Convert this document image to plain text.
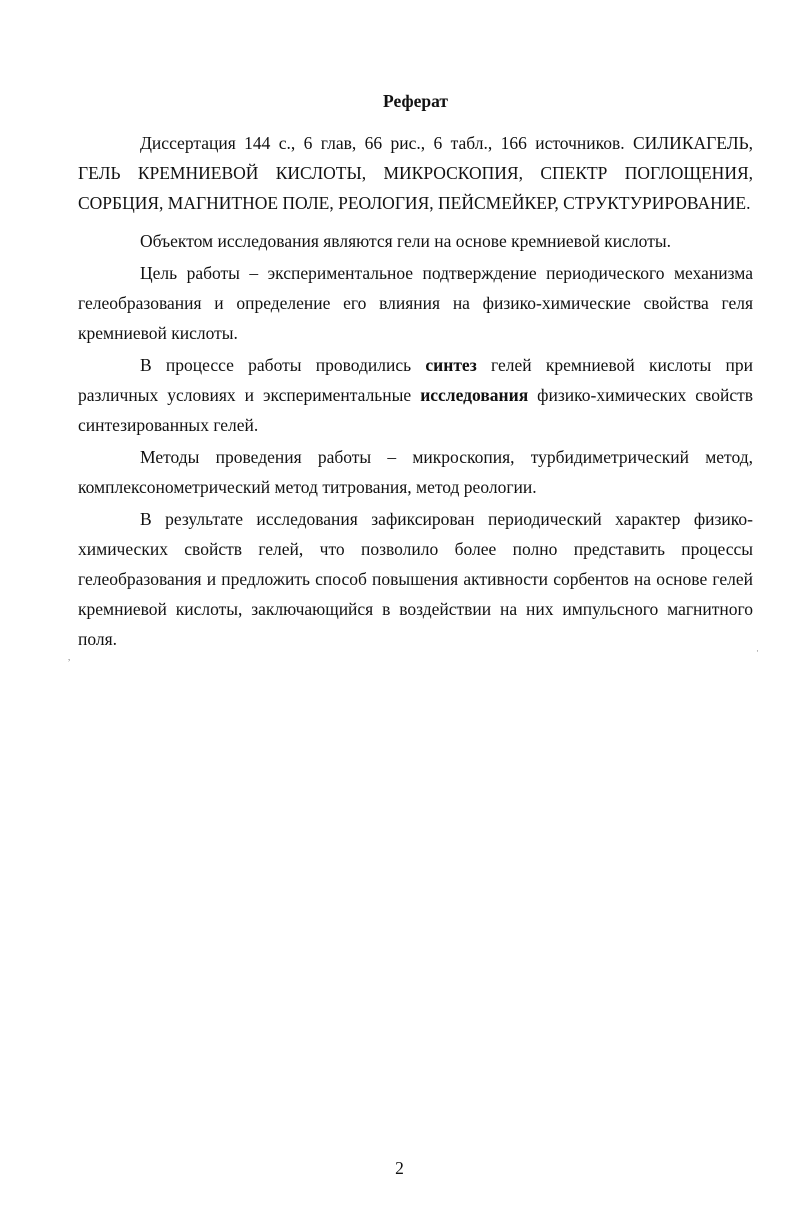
Реферат

Диссертация 144 с., 6 глав, 66 рис., 6 табл., 166 источников. СИЛИКАГЕЛЬ, ГЕЛЬ КРЕМНИЕВОЙ КИСЛОТЫ, МИКРОСКОПИЯ, СПЕКТР ПОГЛОЩЕНИЯ, СОРБЦИЯ, МАГНИТНОЕ ПОЛЕ, РЕОЛОГИЯ, ПЕЙСМЕЙКЕР, СТРУКТУРИРОВАНИЕ.

Объектом исследования являются гели на основе кремниевой кислоты.

Цель работы – экспериментальное подтверждение периодического механизма гелеобразования и определение его влияния на физико-химические свойства геля кремниевой кислоты.

В процессе работы проводились синтез гелей кремниевой кислоты при различных условиях и экспериментальные исследования физико-химических свойств синтезированных гелей.

Методы проведения работы – микроскопия, турбидиметрический метод, комплексонометрический метод титрования, метод реологии.

В результате исследования зафиксирован периодический характер физико-химических свойств гелей, что позволило более полно представить процессы гелеобразования и предложить способ повышения активности сорбентов на основе гелей кремниевой кислоты, заключающийся в воздействии на них импульсного магнитного поля.

,
·
2
